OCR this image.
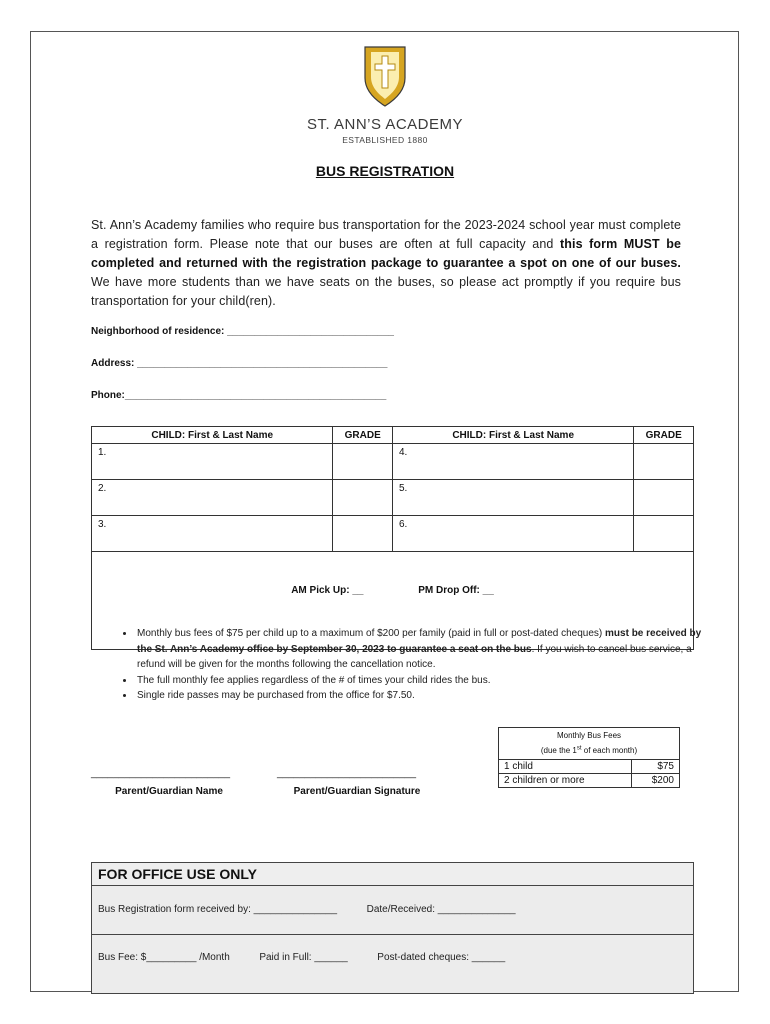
ST. ANN’S ACADEMY
ESTABLISHED 1880
BUS REGISTRATION
St. Ann’s Academy families who require bus transportation for the 2023-2024 school year must complete a registration form. Please note that our buses are often at full capacity and this form MUST be completed and returned with the registration package to guarantee a spot on one of our buses. We have more students than we have seats on the buses, so please act promptly if you require bus transportation for your child(ren).
Neighborhood of residence: ______________________________
Address: _____________________________________________
Phone:_______________________________________________
CHILD: First & Last Name	GRADE	CHILD: First & Last Name	GRADE
1.		4.	
2.		5.	
3.		6.	
AM Pick Up: __ PM Drop Off: __			
• Monthly bus fees of $75 per child up to a maximum of $200 per family (paid in full or post-dated cheques) must be received by the St. Ann’s Academy office by September 30, 2023 to guarantee a seat on the bus. If you wish to cancel bus service, a refund will be given for the months following the cancellation notice.
• The full monthly fee applies regardless of the # of times your child rides the bus.
• Single ride passes may be purchased from the office for $7.50.
Monthly Bus Fees
(due the 1st of each month)	
1 child	$75
2 children or more	$200
_________________________	_________________________
Parent/Guardian Name	Parent/Guardian Signature
FOR OFFICE USE ONLY
Bus Registration form received by: _______________	Date/Received: ______________
Bus Fee: $_________ /Month	Paid in Full: ______	Post-dated cheques: ______
